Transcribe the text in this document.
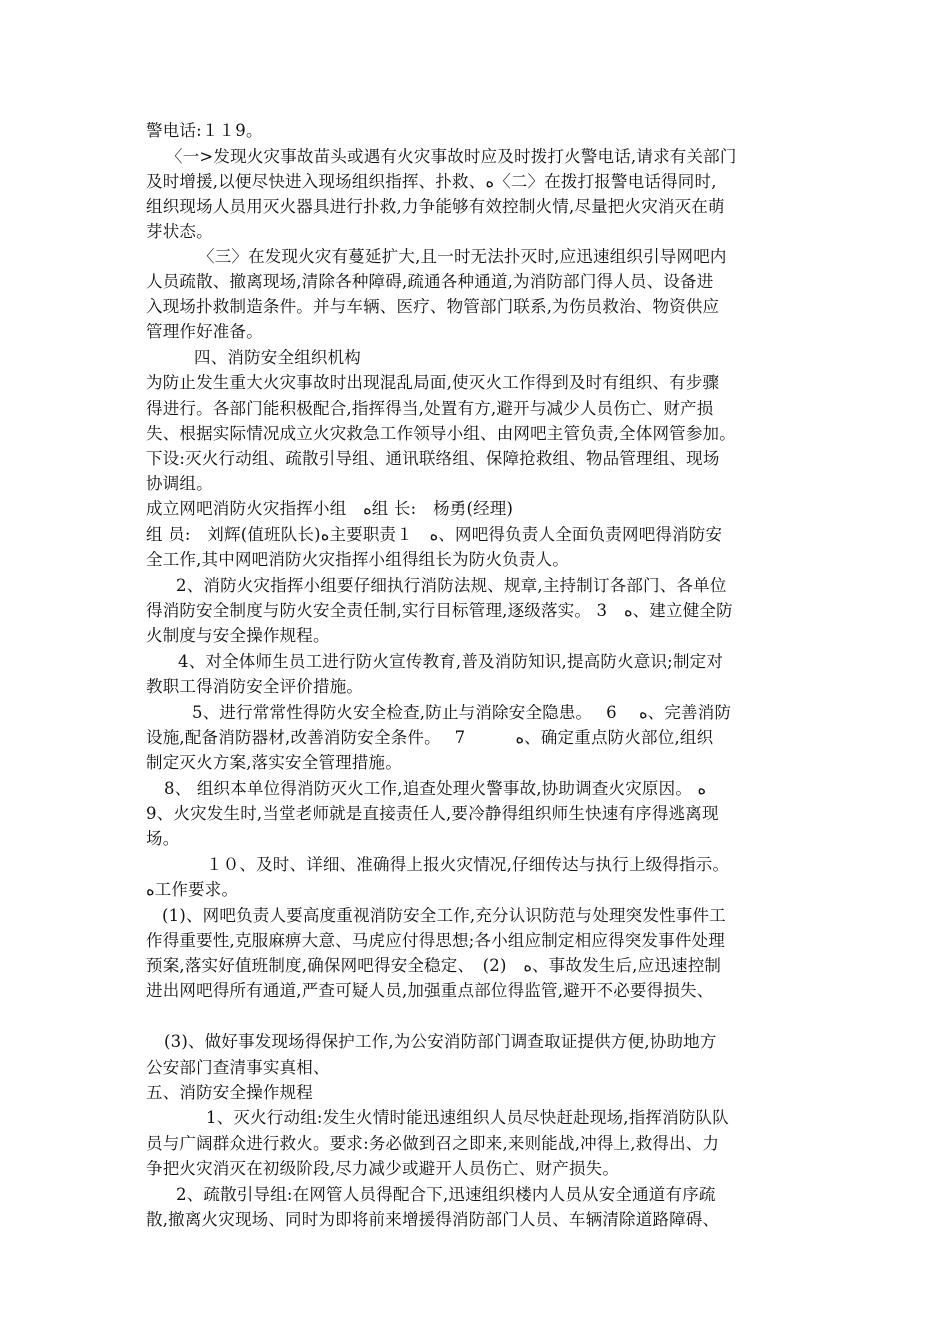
警电话:１１9。
〈一>发现火灾事故苗头或遇有火灾事故时应及时拨打火警电话,请求有关部门
及时增援,以便尽快进入现场组织指挥、扑救、ﻩ〈二〉在拨打报警电话得同时,
组织现场人员用灭火器具进行扑救,力争能够有效控制火情,尽量把火灾消灭在萌
芽状态。
〈三〉在发现火灾有蔓延扩大,且一时无法扑灭时,应迅速组织引导网吧内
人员疏散、撤离现场,清除各种障碍,疏通各种通道,为消防部门得人员、设备进
入现场扑救制造条件。并与车辆、医疗、物管部门联系,为伤员救治、物资供应
管理作好准备。
四、消防安全组织机构
为防止发生重大火灾事故时出现混乱局面,使灭火工作得到及时有组织、有步骤
得进行。各部门能积极配合,指挥得当,处置有方,避开与减少人员伤亡、财产损
失、根据实际情况成立火灾救急工作领导小组、由网吧主管负责,全体网管参加。
下设:灭火行动组、疏散引导组、通讯联络组、保障抢救组、物品管理组、现场
协调组。
成立网吧消防火灾指挥小组　ﻩ组 长:　杨勇(经理)
组 员:　刘辉(值班队长)ﻩ主要职责１　ﻩ、网吧得负责人全面负责网吧得消防安
全工作,其中网吧消防火灾指挥小组得组长为防火负责人。
2、消防火灾指挥小组要仔细执行消防法规、规章,主持制订各部门、各单位
得消防安全制度与防火安全责任制,实行目标管理,逐级落实。 3　ﻩ、建立健全防
火制度与安全操作规程。
4、对全体师生员工进行防火宣传教育,普及消防知识,提高防火意识;制定对
教职工得消防安全评价措施。
5、进行常常性得防火安全检查,防止与消除安全隐患。　 6　 ﻩ、完善消防
设施,配备消防器材,改善消防安全条件。　 7　　　ﻩ、确定重点防火部位,组织
制定灭火方案,落实安全管理措施。
8、 组织本单位得消防灭火工作,追查处理火警事故,协助调查火灾原因。 ﻩ
9、火灾发生时,当堂老师就是直接责任人,要冷静得组织师生快速有序得逃离现
场。
１０、及时、详细、准确得上报火灾情况,仔细传达与执行上级得指示。
ﻩ工作要求。
(1)、网吧负责人要高度重视消防安全工作,充分认识防范与处理突发性事件工
作得重要性,克服麻痹大意、马虎应付得思想;各小组应制定相应得突发事件处理
预案,落实好值班制度,确保网吧得安全稳定、　(2)　ﻩ、事故发生后,应迅速控制
进出网吧得所有通道,严查可疑人员,加强重点部位得监管,避开不必要得损失、
(3)、做好事发现场得保护工作,为公安消防部门调查取证提供方便,协助地方
公安部门查清事实真相、
五、消防安全操作规程
1、灭火行动组:发生火情时能迅速组织人员尽快赶赴现场,指挥消防队队
员与广阔群众进行救火。要求:务必做到召之即来,来则能战,冲得上,救得出、力
争把火灾消灭在初级阶段,尽力减少或避开人员伤亡、财产损失。
2、疏散引导组:在网管人员得配合下,迅速组织楼内人员从安全通道有序疏
散,撤离火灾现场、同时为即将前来增援得消防部门人员、车辆清除道路障碍、
